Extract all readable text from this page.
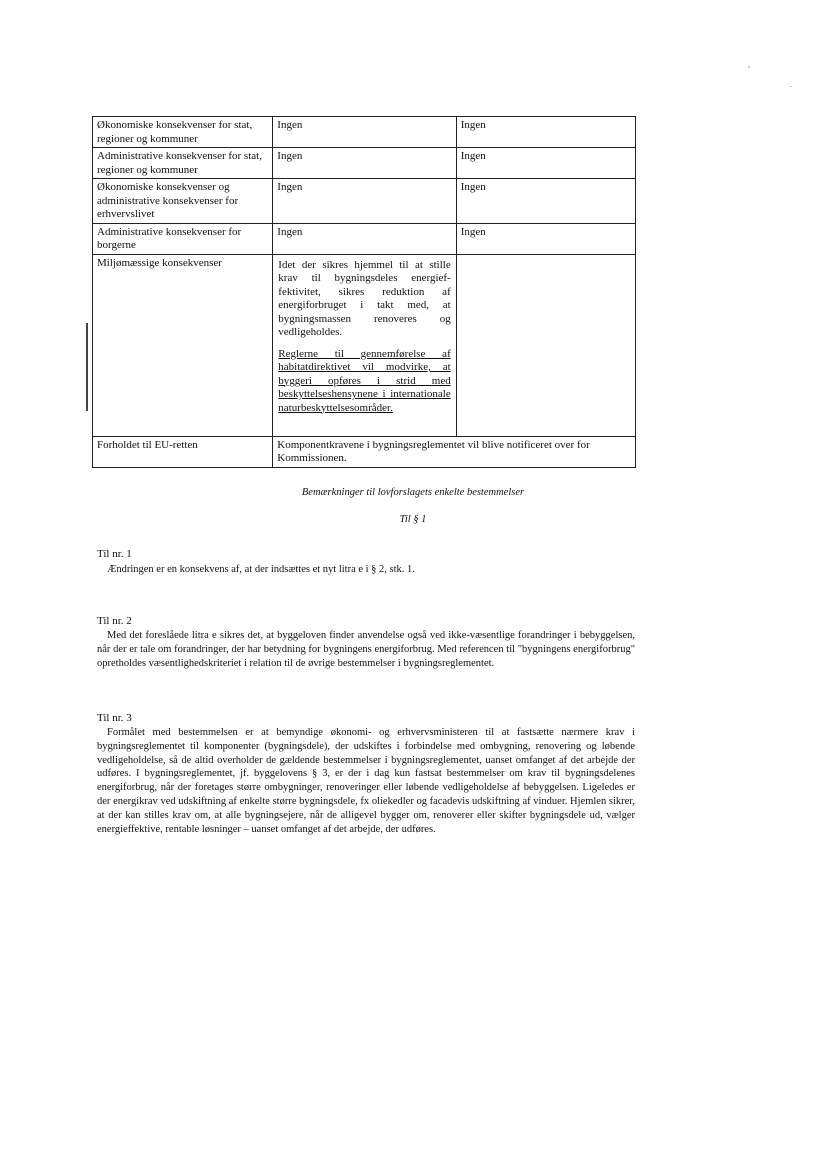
,
.
Økonomiske konsekvenser for stat, regioner og kommuner	Ingen	Ingen
Administrative konsekvenser for stat, regioner og kommuner	Ingen	Ingen
Økonomiske konsekvenser og administrative konsekvenser for erhvervslivet	Ingen	Ingen
Administrative konsekvenser for borgerne	Ingen	Ingen
Miljømæssige konsekvenser	Idet der sikres hjemmel til at stille krav til bygningsdeles energief-fektivitet, sikres reduktion af energiforbruget i takt med, at bygningsmassen renoveres og vedligeholdes.
Reglerne til gennemførelse af habitatdirektivet vil modvirke, at byggeri opføres i strid med beskyttelseshensynene i internationale naturbeskyttelsesområder.	

Forholdet til EU-retten	Komponentkravene i bygningsreglementet vil blive notificeret over for Kommissionen.	
Bemærkninger til lovforslagets enkelte bestemmelser
Til § 1
Til nr. 1
Ændringen er en konsekvens af, at der indsættes et nyt litra e i § 2, stk. 1.
Til nr. 2
Med det foreslåede litra e sikres det, at byggeloven finder anvendelse også ved ikke-væsentlige forandringer i bebyggelsen, når der er tale om forandringer, der har betydning for bygningens energiforbrug. Med referencen til "bygningens energiforbrug" opretholdes væsentlighedskriteriet i relation til de øvrige bestemmelser i bygningsreglementet.
Til nr. 3
Formålet med bestemmelsen er at bemyndige økonomi- og erhvervsministeren til at fastsætte nærmere krav i bygningsreglementet til komponenter (bygningsdele), der udskiftes i forbindelse med ombygning, renovering og løbende vedligeholdelse, så de altid overholder de gældende bestemmelser i bygningsreglementet, uanset omfanget af det arbejde der udføres. I bygningsreglementet, jf. byggelovens § 3, er der i dag kun fastsat bestemmelser om krav til bygningsdelenes energiforbrug, når der foretages større ombygninger, renoveringer eller løbende vedligeholdelse af bebyggelsen. Ligeledes er der energikrav ved udskiftning af enkelte større bygningsdele, fx oliekedler og facadevis udskiftning af vinduer. Hjemlen sikrer, at der kan stilles krav om, at alle bygningsejere, når de alligevel bygger om, renoverer eller skifter bygningsdele ud, vælger energieffektive, rentable løsninger – uanset omfanget af det arbejde, der udføres.
